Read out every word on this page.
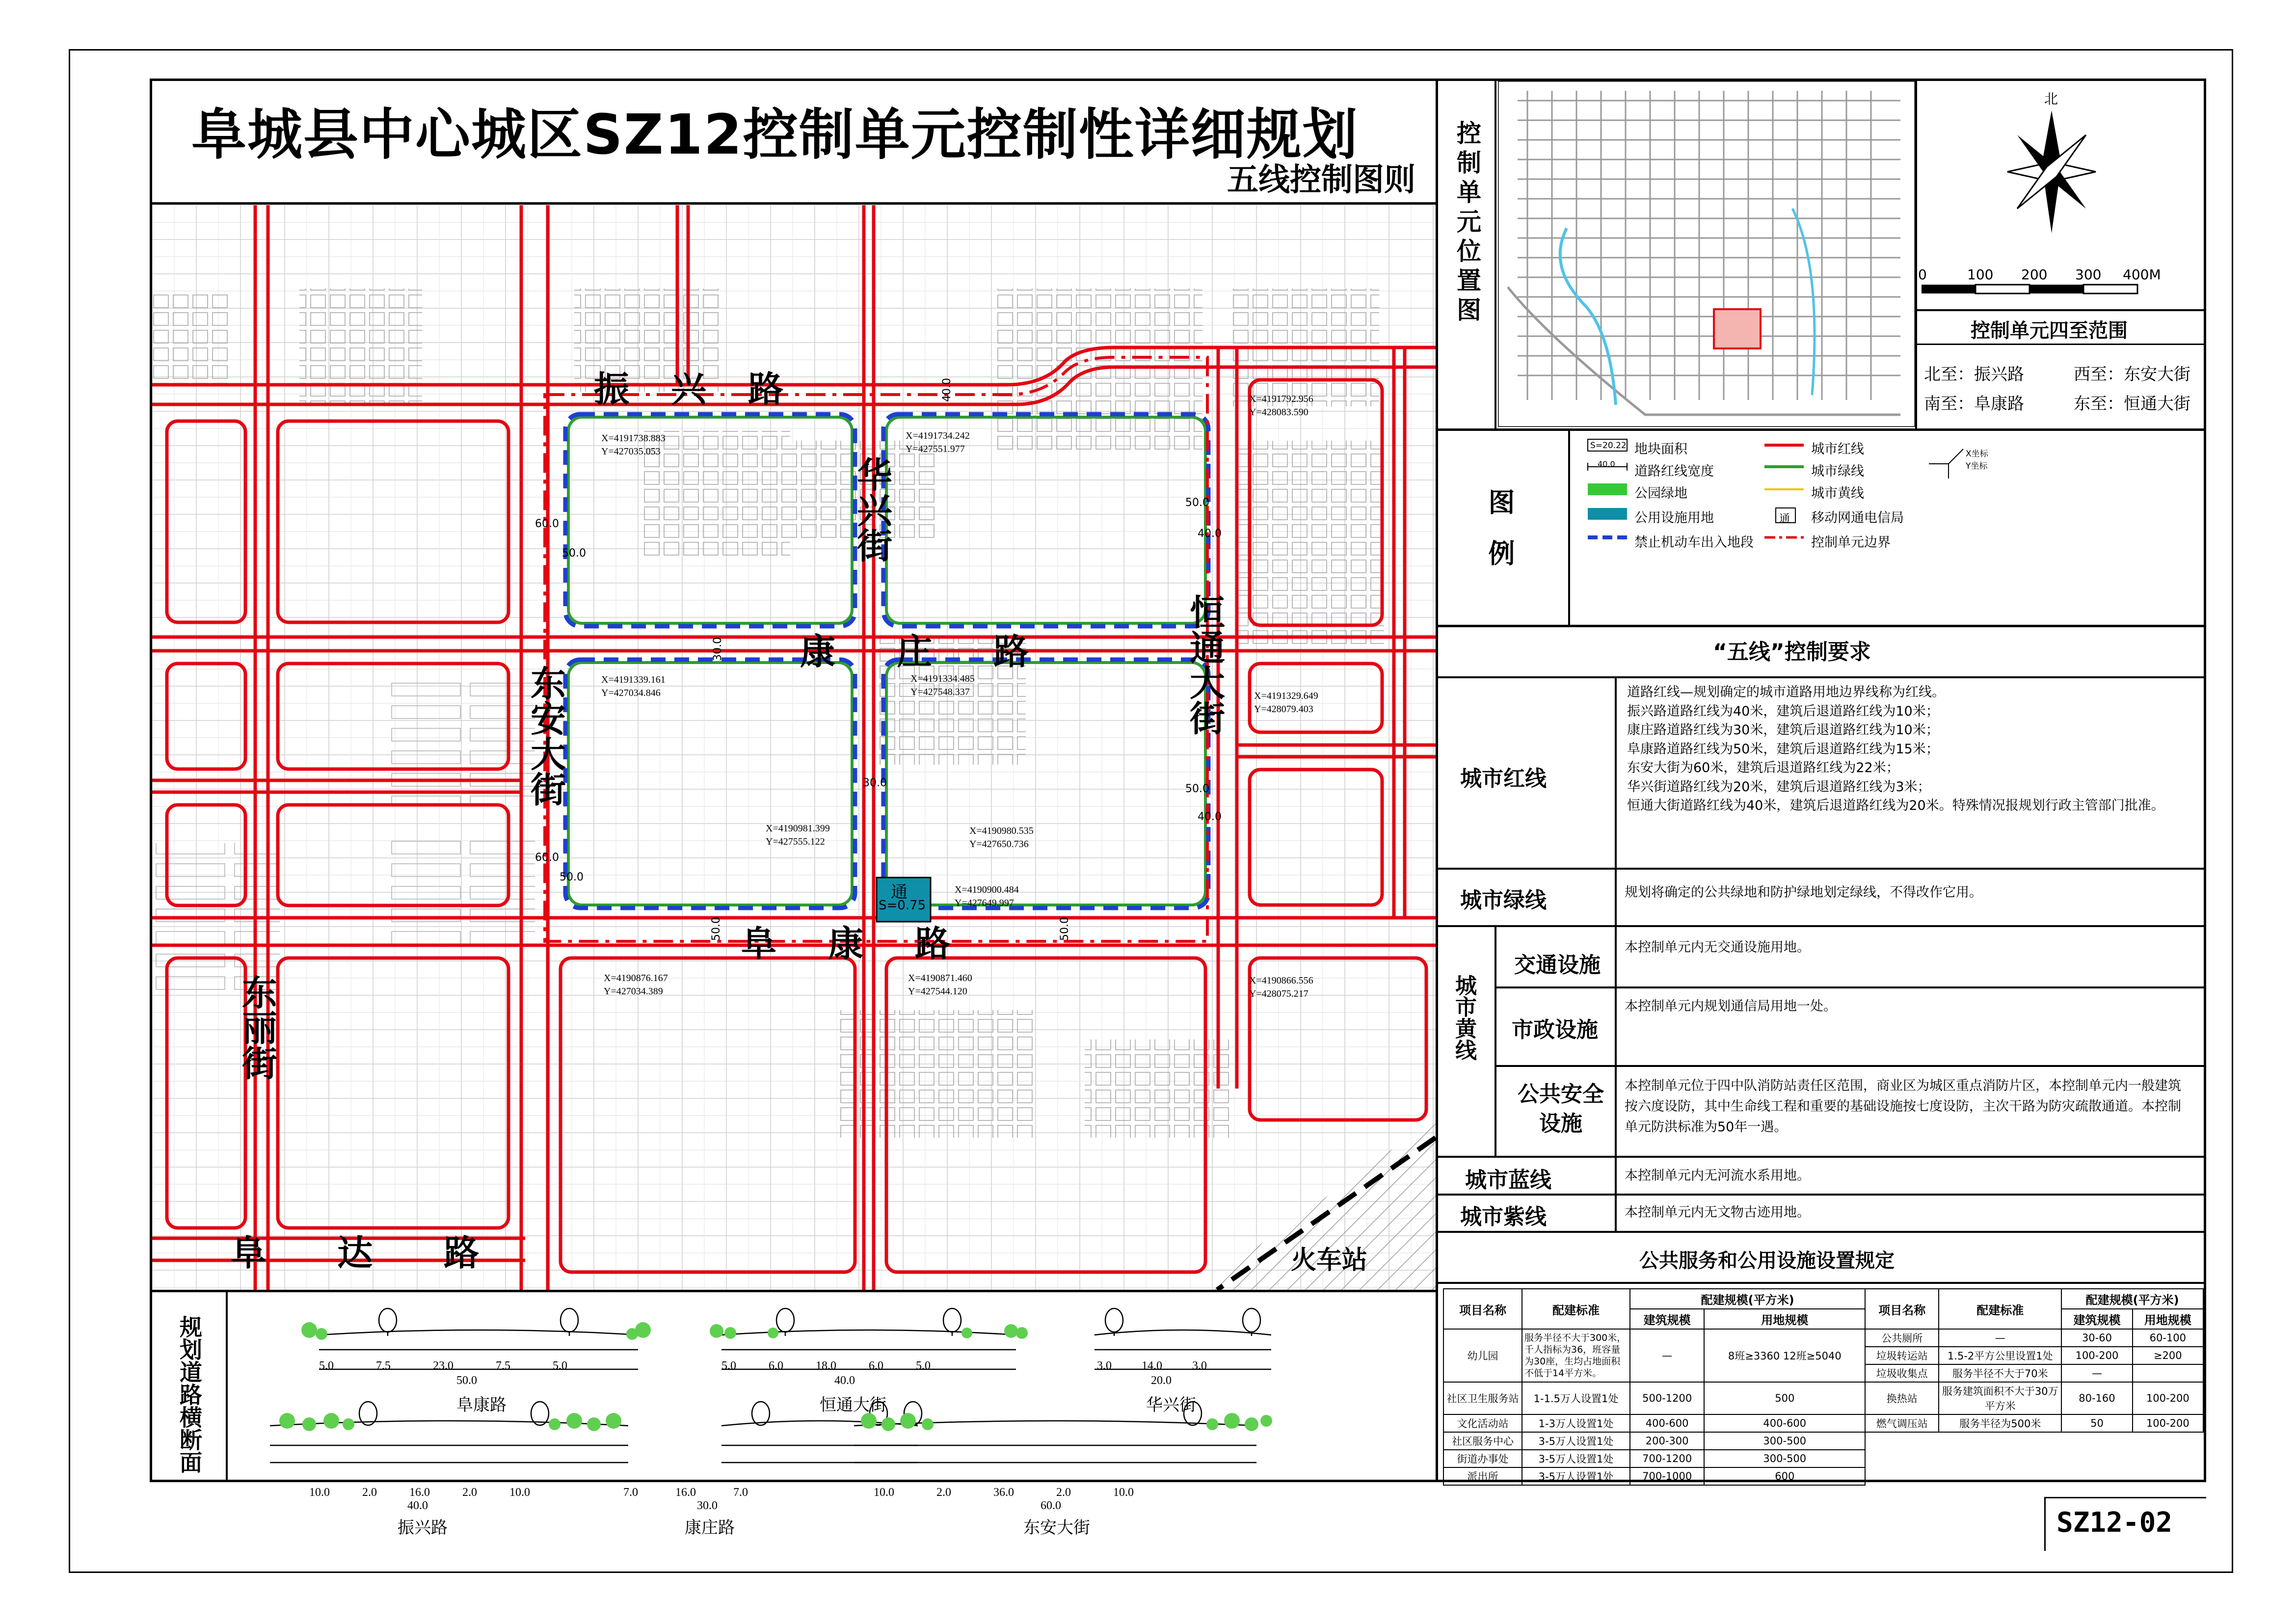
阜城县中心城区SZ12控制单元控制性详细规划
五线控制图则
通
S=0.75
振 兴 路
康 庄 路
阜 康 路
华兴街
东安大街
恒通大街
东丽街
阜 达 路	火车站
40.0
60.0
30.0
40.0
50.0
50.0
60.0
50.0
30.0	50.0
50.0
40.0
50.0
X=4191738.883
Y=427035.053
X=4191734.242
Y=427551.977
X=4191792.956
Y=428083.590
X=4191339.161
Y=427034.846
X=4191334.485
Y=427548.337	X=4191329.649
Y=428079.403
X=4190981.399
Y=427555.122
X=4190980.535
Y=427650.736
X=4190900.484
Y=427649.997
X=4190876.167
Y=427034.389
X=4190871.460
Y=427544.120
X=4190866.556
Y=428075.217
规划道路横断面	阜康路
50.0
5.0	7.5	23.0	7.5	5.0
恒通大街
40.0
5.0	6.0	18.0	6.0	5.0
华兴街
20.0
3.0	14.0	3.0
振兴路
40.0
10.0	2.0	16.0	2.0	10.0
康庄路
30.0
7.0	16.0	7.0
东安大街
60.0
10.0	2.0	36.0	2.0	10.0
控制单元位置图
北
0	100 200 300 400M
控制单元四至范围
北至：振兴路	西至：东安大街
南至：阜康路	东至：恒通大街
图例
S=20.22
40.0
通
X坐标
Y坐标
地块面积	城市红线
道路红线宽度	城市绿线
公园绿地	城市黄线
公用设施用地	移动网通电信局
禁止机动车出入地段	控制单元边界
“五线”控制要求
城市红线
道路红线—规划确定的城市道路用地边界线称为红线。
振兴路道路红线为40米，建筑后退道路红线为10米；
康庄路道路红线为30米，建筑后退道路红线为10米；
阜康路道路红线为50米，建筑后退道路红线为15米；
东安大街为60米，建筑后退道路红线为22米；
华兴街道路红线为20米，建筑后退道路红线为3米；
恒通大街道路红线为40米，建筑后退道路红线为20米。特殊情况报规划行政主管部门批准。
城市绿线	规划将确定的公共绿地和防护绿地划定绿线，不得改作它用。
城市黄线
交通设施
本控制单元内无交通设施用地。
市政设施
本控制单元内规划通信局用地一处。
公共安全设施
本控制单元位于四中队消防站责任区范围，商业区为城区重点消防片区，本控制单元内一般建筑按六度设防，其中生命线工程和重要的基础设施按七度设防，主次干路为防灾疏散通道。本控制单元防洪标准为50年一遇。
城市蓝线	本控制单元内无河流水系用地。
城市紫线	本控制单元内无文物古迹用地。
公共服务和公用设施设置规定
项目名称	配建标准	配建规模(平方米)		项目名称	配建标准	配建规模(平方米)	
		建筑规模	用地规模			建筑规模	用地规模
幼儿园	服务半径不大于300米，千人指标为36，班容量为30座，生均占地面积不低于14平方米。	—	8班≥3360 12班≥5040	公共厕所	—	30-60	60-100
				垃圾转运站	1.5-2平方公里设置1处	100-200	≥200
				垃圾收集点	服务半径不大于70米	—	
社区卫生服务站	1-1.5万人设置1处	500-1200	500	换热站	服务建筑面积不大于30万平方米	80-160	100-200
文化活动站	1-3万人设置1处	400-600	400-600	燃气调压站	服务半径为500米	50	100-200
社区服务中心	3-5万人设置1处	200-300	300-500				
街道办事处	3-5万人设置1处	700-1200	300-500				
派出所	3-5万人设置1处	700-1000	600				
SZ12-02
